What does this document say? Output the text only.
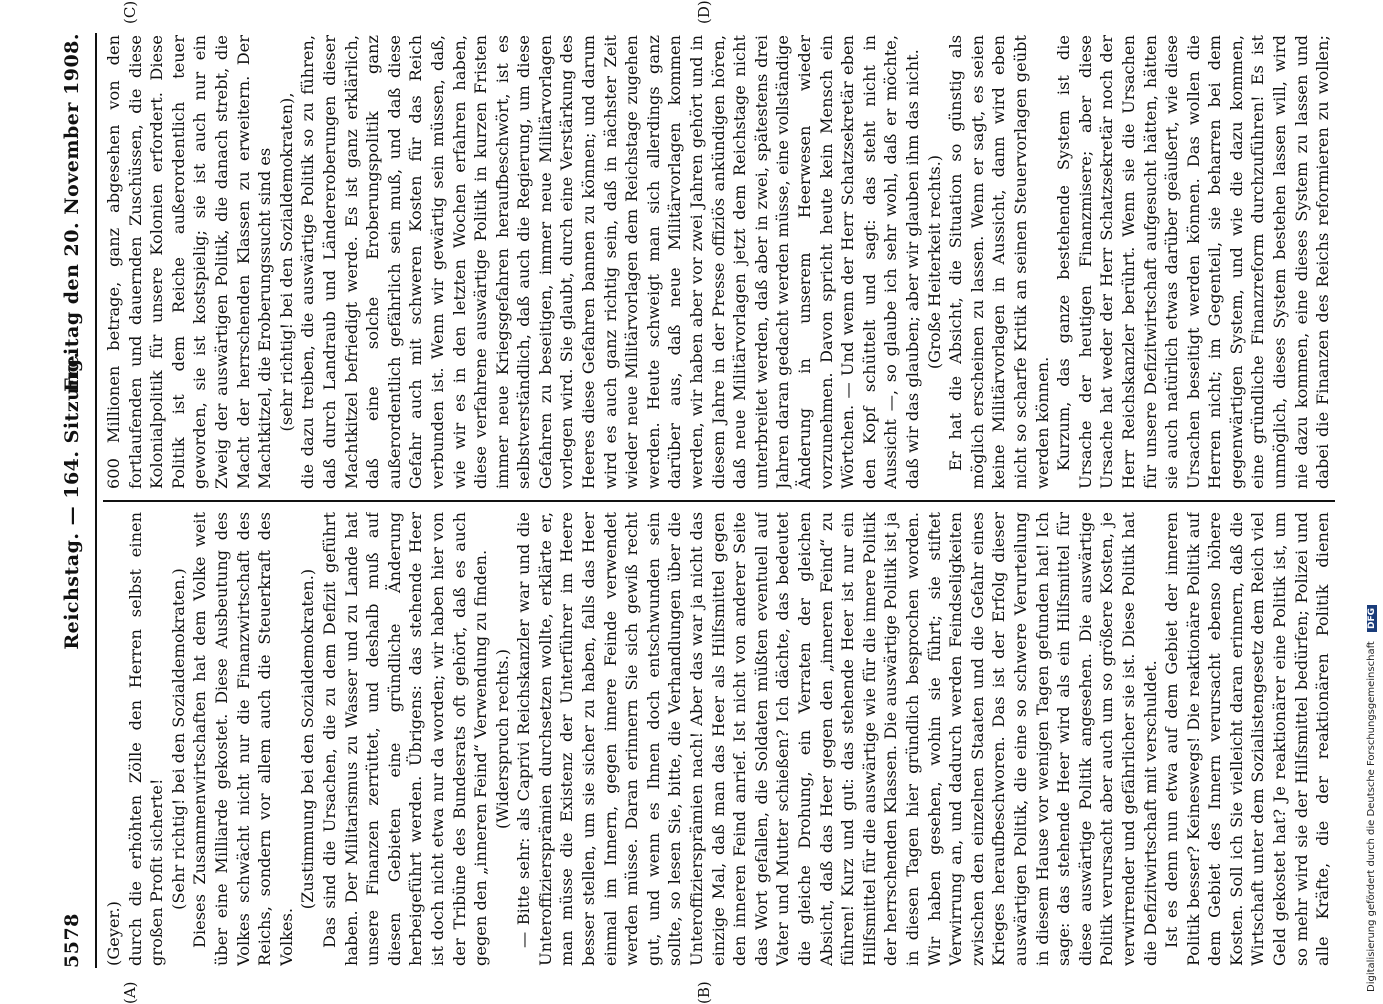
5578
Reichstag. — 164. Sitzung.
Freitag den 20. November 1908.
(A)	(B)
(C)	(D)

(Geyer.) durch die erhöhten Zölle den Herren selbst einen großen Profit sicherte! (Sehr richtig! bei den Sozialdemokraten.) Dieses Zusammenwirtschaften hat dem Volke weit über eine Milliarde gekostet. Diese Ausbeutung des Volkes schwächt nicht nur die Finanzwirtschaft des Reichs, sondern vor allem auch die Steuerkraft des Volkes.

(Zustimmung bei den Sozialdemokraten.) Das sind die Ursachen, die zu dem Defizit geführt haben. Der Militarismus zu Wasser und zu Lande hat unsere Finanzen zerrüttet, und deshalb muß auf diesen Gebieten eine gründliche Änderung herbeigeführt werden. Übrigens: das stehende Heer ist doch nicht etwa nur da worden; wir haben hier von der Tribüne des Bundesrats oft gehört, daß es auch gegen den „inneren Feind“ Verwendung zu finden. (Widerspruch rechts.) — Bitte sehr: als Caprivi Reichskanzler war und die Unteroffiziersprämien durchsetzen wollte, erklärte er, man müsse die Existenz der Unterführer im Heere besser stellen, um sie sicher zu haben, falls das Heer einmal im Innern, gegen innere Feinde verwendet werden müsse. Daran erinnern Sie sich gewiß recht gut, und wenn es Ihnen doch entschwunden sein sollte, so lesen Sie, bitte, die Verhandlungen über die Unteroffiziersprämien nach! Aber das war ja nicht das einzige Mal, daß man das Heer als Hilfsmittel gegen den inneren Feind anrief. Ist nicht von anderer Seite das Wort gefallen, die Soldaten müßten eventuell auf Vater und Mutter schießen? Ich dächte, das bedeutet die gleiche Drohung, ein Verraten der gleichen Absicht, daß das Heer gegen den „inneren Feind“ zu führen! Kurz und gut: das stehende Heer ist nur ein Hilfsmittel für die auswärtige wie für die innere Politik der herrschenden Klassen. Die auswärtige Politik ist ja in diesen Tagen hier gründlich besprochen worden. Wir haben gesehen, wohin sie führt; sie stiftet Verwirrung an, und dadurch werden Feindseligkeiten zwischen den einzelnen Staaten und die Gefahr eines Krieges heraufbeschworen. Das ist der Erfolg dieser auswärtigen Politik, die eine so schwere Verurteilung in diesem Hause vor wenigen Tagen gefunden hat! Ich sage: das stehende Heer wird als ein Hilfsmittel für diese auswärtige Politik angesehen. Die auswärtige Politik verursacht aber auch um so größere Kosten, je verwirrender und gefährlicher sie ist. Diese Politik hat die Defizitwirtschaft mit verschuldet. Ist es denn nun etwa auf dem Gebiet der inneren Politik besser? Keineswegs! Die reaktionäre Politik auf dem Gebiet des Innern verursacht ebenso höhere Kosten. Soll ich Sie vielleicht daran erinnern, daß die Wirtschaft unter dem Sozialistengesetz dem Reich viel Geld gekostet hat? Je reaktionärer eine Politik ist, um so mehr wird sie der Hilfsmittel bedürfen; Polizei und alle Kräfte, die der reaktionären Politik dienen

600 Millionen betrage, ganz abgesehen von den fortlaufenden und dauernden Zuschüssen, die diese Kolonialpolitik für unsere Kolonien erfordert. Diese Politik ist dem Reiche außerordentlich teuer geworden, sie ist kostspielig; sie ist auch nur ein Zweig der auswärtigen Politik, die danach strebt, die Macht der herrschenden Klassen zu erweitern. Der Machtkitzel, die Eroberungssucht sind es (sehr richtig! bei den Sozialdemokraten), die dazu treiben, die auswärtige Politik so zu führen, daß durch Landraub und Ländereroberungen dieser Machtkitzel befriedigt werde. Es ist ganz erklärlich, daß eine solche Eroberungspolitik ganz außerordentlich gefährlich sein muß, und daß diese Gefahr auch mit schweren Kosten für das Reich verbunden ist. Wenn wir gewärtig sein müssen, daß, wie wir es in den letzten Wochen erfahren haben, diese verfahrene auswärtige Politik in kurzen Fristen immer neue Kriegsgefahren heraufbeschwört, ist es selbstverständlich, daß auch die Regierung, um diese Gefahren zu beseitigen, immer neue Militärvorlagen vorlegen wird. Sie glaubt, durch eine Verstärkung des Heeres diese Gefahren bannen zu können; und darum wird es auch ganz richtig sein, daß in nächster Zeit wieder neue Militärvorlagen dem Reichstage zugehen werden. Heute schweigt man sich allerdings ganz darüber aus, daß neue Militärvorlagen kommen werden, wir haben aber vor zwei Jahren gehört und in diesem Jahre in der Presse offiziös ankündigen hören, daß neue Militärvorlagen jetzt dem Reichstage nicht unterbreitet werden, daß aber in zwei, spätestens drei Jahren daran gedacht werden müsse, eine vollständige Änderung in unserem Heerwesen wieder vorzunehmen. Davon spricht heute kein Mensch ein Wörtchen. — Und wenn der Herr Schatzsekretär eben den Kopf schüttelt und sagt: das steht nicht in Aussicht —, so glaube ich sehr wohl, daß er möchte, daß wir das glauben; aber wir glauben ihm das nicht. (Große Heiterkeit rechts.) Er hat die Absicht, die Situation so günstig als möglich erscheinen zu lassen. Wenn er sagt, es seien keine Militärvorlagen in Aussicht, dann wird eben nicht so scharfe Kritik an seinen Steuervorlagen geübt werden können. Kurzum, das ganze bestehende System ist die Ursache der heutigen Finanzmisere; aber diese Ursache hat weder der Herr Schatzsekretär noch der Herr Reichskanzler berührt. Wenn sie die Ursachen für unsere Defizitwirtschaft aufgesucht hätten, hätten sie auch natürlich etwas darüber geäußert, wie diese Ursachen beseitigt werden können. Das wollen die Herren nicht; im Gegenteil, sie beharren bei dem gegenwärtigen System, und wie die dazu kommen, eine gründliche Finanzreform durchzuführen! Es ist unmöglich, dieses System bestehen lassen will, wird nie dazu kommen, eine dieses System zu lassen und dabei die Finanzen des Reichs reformieren zu wollen;

Digitalisierung gefördert durch die Deutsche Forschungsgemeinschaft DFG
